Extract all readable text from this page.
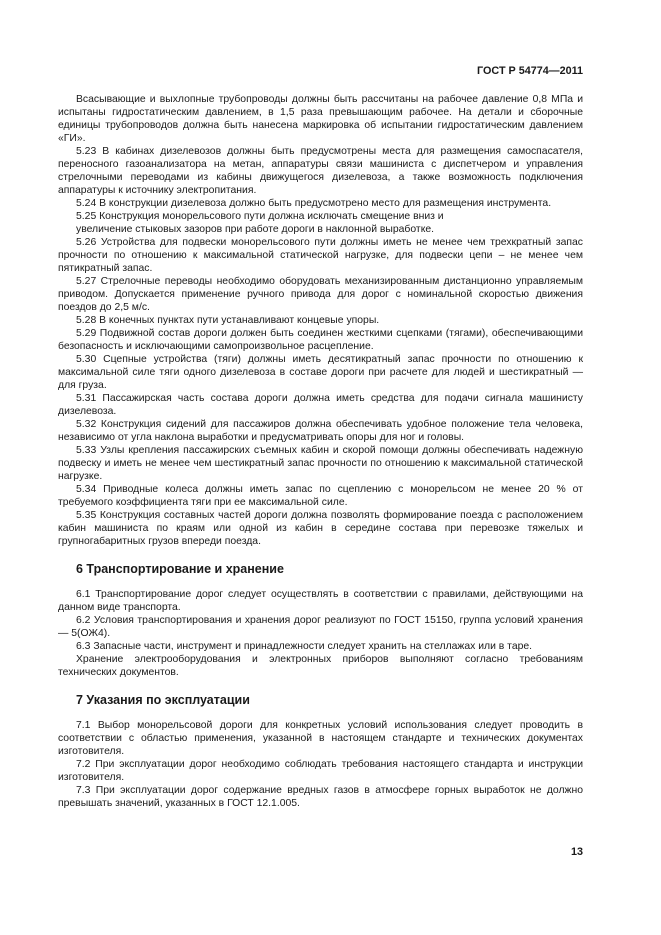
ГОСТ Р 54774—2011

Всасывающие и выхлопные трубопроводы должны быть рассчитаны на рабочее давление 0,8 МПа и испытаны гидростатическим давлением, в 1,5 раза превышающим рабочее. На детали и сборочные единицы трубопроводов должна быть нанесена маркировка об испытании гидростатическим давлением «ГИ».

5.23 В кабинах дизелевозов должны быть предусмотрены места для размещения самоспасателя, переносного газоанализатора на метан, аппаратуры связи машиниста с диспетчером и управления стрелочными переводами из кабины движущегося дизелевоза, а также возможность подключения аппаратуры к источнику электропитания.

5.24 В конструкции дизелевоза должно быть предусмотрено место для размещения инструмента.

5.25 Конструкция монорельсового пути должна исключать смещение вниз и

увеличение стыковых зазоров при работе дороги в наклонной выработке.

5.26 Устройства для подвески монорельсового пути должны иметь не менее чем трехкратный запас прочности по отношению к максимальной статической нагрузке, для подвески цепи – не менее чем пятикратный запас.

5.27 Стрелочные переводы необходимо оборудовать механизированным дистанционно управляемым приводом. Допускается применение ручного привода для дорог с номинальной скоростью движения поездов до 2,5 м/с.

5.28 В конечных пунктах пути устанавливают концевые упоры.

5.29 Подвижной состав дороги должен быть соединен жесткими сцепками (тягами), обеспечивающими безопасность и исключающими самопроизвольное расцепление.

5.30 Сцепные устройства (тяги) должны иметь десятикратный запас прочности по отношению к максимальной силе тяги одного дизелевоза в составе дороги при расчете для людей и шестикратный — для груза.

5.31 Пассажирская часть состава дороги должна иметь средства для подачи сигнала машинисту дизелевоза.

5.32 Конструкция сидений для пассажиров должна обеспечивать удобное положение тела человека, независимо от угла наклона выработки и предусматривать опоры для ног и головы.

5.33 Узлы крепления пассажирских съемных кабин и скорой помощи должны обеспечивать надежную подвеску и иметь не менее чем шестикратный запас прочности по отношению к максимальной статической нагрузке.

5.34 Приводные колеса должны иметь запас по сцеплению с монорельсом не менее 20 % от требуемого коэффициента тяги при ее максимальной силе.

5.35 Конструкция составных частей дороги должна позволять формирование поезда с расположением кабин машиниста по краям или одной из кабин в середине состава при перевозке тяжелых и групногабаритных грузов впереди поезда.

6 Транспортирование и хранение

6.1 Транспортирование дорог следует осуществлять в соответствии с правилами, действующими на данном виде транспорта.

6.2 Условия транспортирования и хранения дорог реализуют по ГОСТ 15150, группа условий хранения — 5(ОЖ4).

6.3 Запасные части, инструмент и принадлежности следует хранить на стеллажах или в таре.

Хранение электрооборудования и электронных приборов выполняют согласно требованиям технических документов.

7 Указания по эксплуатации

7.1 Выбор монорельсовой дороги для конкретных условий использования следует проводить в соответствии с областью применения, указанной в настоящем стандарте и технических документах изготовителя.

7.2 При эксплуатации дорог необходимо соблюдать требования настоящего стандарта и инструкции изготовителя.

7.3 При эксплуатации дорог содержание вредных газов в атмосфере горных выработок не должно превышать значений, указанных в ГОСТ 12.1.005.

13
